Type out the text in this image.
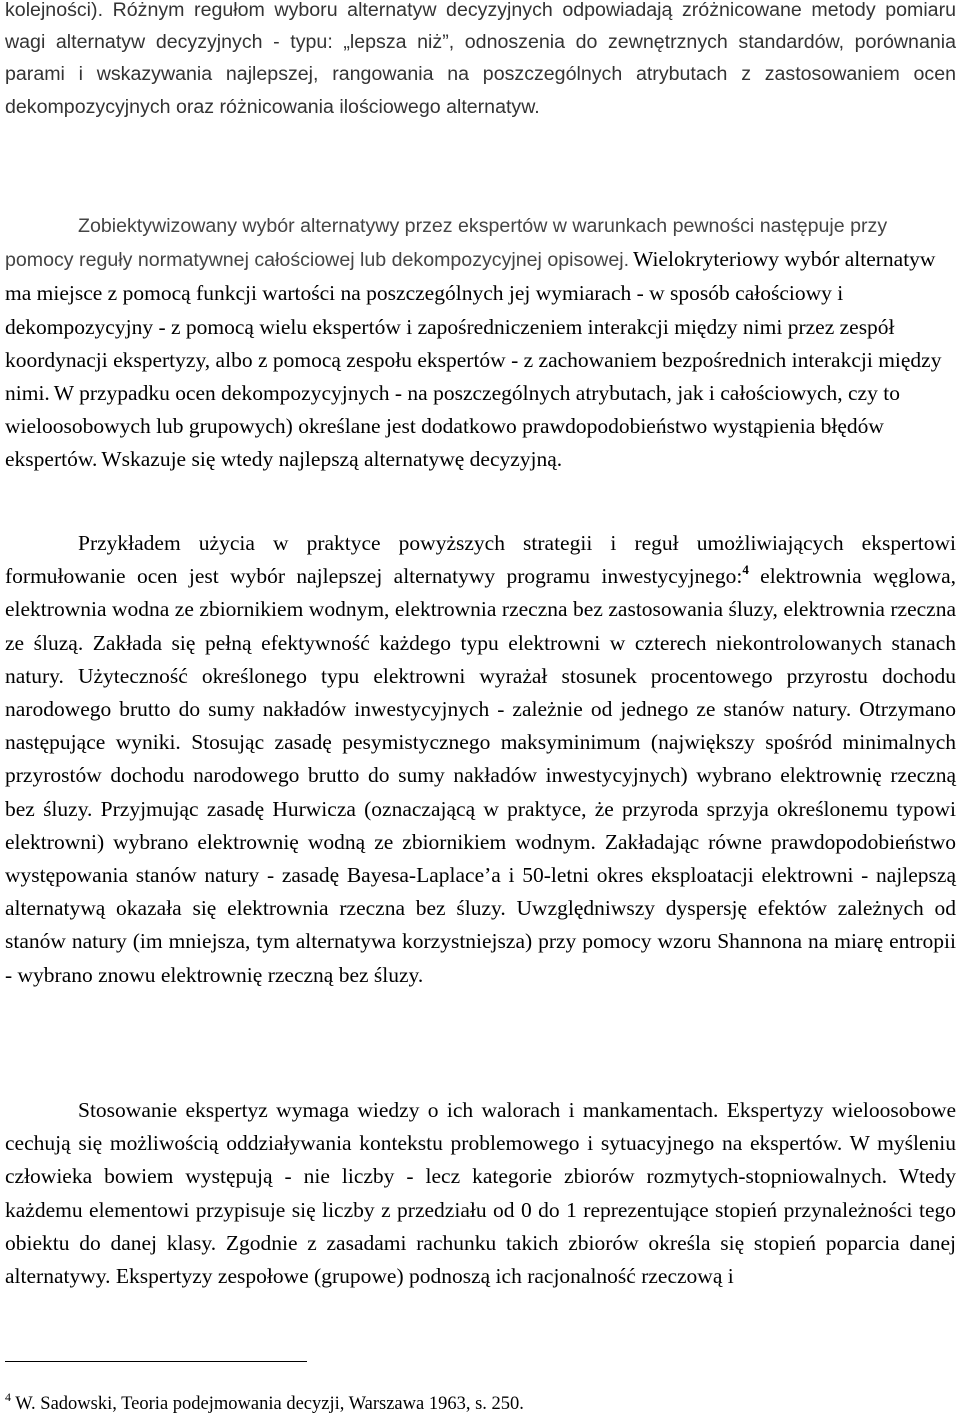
kolejności). Różnym regułom wyboru alternatyw decyzyjnych odpowiadają zróżnicowane metody pomiaru wagi alternatyw decyzyjnych - typu: „lepsza niż”, odnoszenia do zewnętrznych standardów, porównania parami i wskazywania najlepszej, rangowania na poszczególnych atrybutach z zastosowaniem ocen dekompozycyjnych oraz różnicowania ilościowego alternatyw.

Zobiektywizowany wybór alternatywy przez ekspertów w warunkach pewności następuje przy pomocy reguły normatywnej całościowej lub dekompozycyjnej opisowej. Wielokryteriowy wybór alternatyw ma miejsce z pomocą funkcji wartości na poszczególnych jej wymiarach - w sposób całościowy i dekompozycyjny - z pomocą wielu ekspertów i zapośredniczeniem interakcji między nimi przez zespół koordynacji ekspertyzy, albo z pomocą zespołu ekspertów - z zachowaniem bezpośrednich interakcji między nimi. W przypadku ocen dekompozycyjnych - na poszczególnych atrybutach, jak i całościowych, czy to wieloosobowych lub grupowych) określane jest dodatkowo prawdopodobieństwo wystąpienia błędów ekspertów. Wskazuje się wtedy najlepszą alternatywę decyzyjną.

Przykładem użycia w praktyce powyższych strategii i reguł umożliwiających ekspertowi formułowanie ocen jest wybór najlepszej alternatywy programu inwestycyjnego:$^4$ elektrownia węglowa, elektrownia wodna ze zbiornikiem wodnym, elektrownia rzeczna bez zastosowania śluzy, elektrownia rzeczna ze śluzą. Zakłada się pełną efektywność każdego typu elektrowni w czterech niekontrolowanych stanach natury. Użyteczność określonego typu elektrowni wyrażał stosunek procentowego przyrostu dochodu narodowego brutto do sumy nakładów inwestycyjnych - zależnie od jednego ze stanów natury. Otrzymano następujące wyniki. Stosując zasadę pesymistycznego maksyminimum (największy spośród minimalnych przyrostów dochodu narodowego brutto do sumy nakładów inwestycyjnych) wybrano elektrownię rzeczną bez śluzy. Przyjmując zasadę Hurwicza (oznaczającą w praktyce, że przyroda sprzyja określonemu typowi elektrowni) wybrano elektrownię wodną ze zbiornikiem wodnym. Zakładając równe prawdopodobieństwo występowania stanów natury - zasadę Bayesa-Laplace’a i 50-letni okres eksploatacji elektrowni - najlepszą alternatywą okazała się elektrownia rzeczna bez śluzy. Uwzględniwszy dyspersję efektów zależnych od stanów natury (im mniejsza, tym alternatywa korzystniejsza) przy pomocy wzoru Shannona na miarę entropii - wybrano znowu elektrownię rzeczną bez śluzy.

Stosowanie ekspertyz wymaga wiedzy o ich walorach i mankamentach. Ekspertyzy wieloosobowe cechują się możliwością oddziaływania kontekstu problemowego i sytuacyjnego na ekspertów. W myśleniu człowieka bowiem występują - nie liczby - lecz kategorie zbiorów rozmytych-stopniowalnych. Wtedy każdemu elementowi przypisuje się liczby z przedziału od 0 do 1 reprezentujące stopień przynależności tego obiektu do danej klasy. Zgodnie z zasadami rachunku takich zbiorów określa się stopień poparcia danej alternatywy. Ekspertyzy zespołowe (grupowe) podnoszą ich racjonalność rzeczową i

$^4$ W. Sadowski, Teoria podejmowania decyzji, Warszawa 1963, s. 250.
